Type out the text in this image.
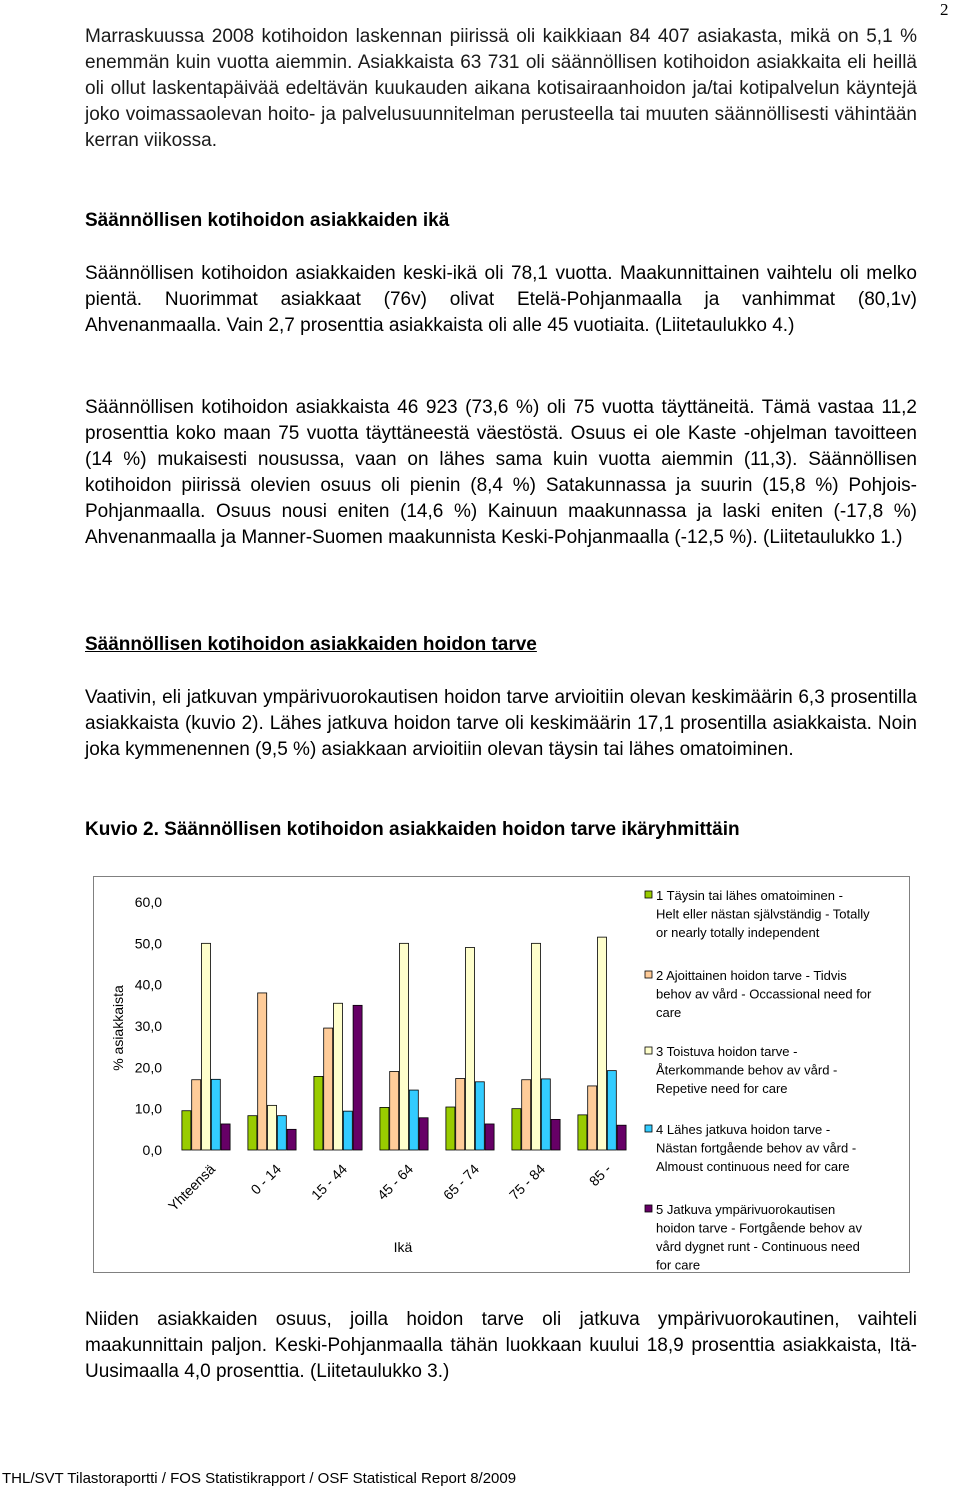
2

Marraskuussa 2008 kotihoidon laskennan piirissä oli kaikkiaan 84 407 asiakasta, mikä on 5,1 % enemmän kuin vuotta aiemmin. Asiakkaista 63 731 oli säännöllisen kotihoidon asiakkaita eli heillä oli ollut laskentapäivää edeltävän kuukauden aikana kotisairaanhoidon ja/tai kotipalvelun käyntejä joko voimassaolevan hoito- ja palvelusuunnitelman perusteella tai muuten säännöllisesti vähintään kerran viikossa.

Säännöllisen kotihoidon asiakkaiden ikä

Säännöllisen kotihoidon asiakkaiden keski-ikä oli 78,1 vuotta. Maakunnittainen vaihtelu oli melko pientä. Nuorimmat asiakkaat (76v) olivat Etelä-Pohjanmaalla ja vanhimmat (80,1v) Ahvenanmaalla. Vain 2,7 prosenttia asiakkaista oli alle 45 vuotiaita. (Liitetaulukko 4.)

Säännöllisen kotihoidon asiakkaista 46 923 (73,6 %) oli 75 vuotta täyttäneitä. Tämä vastaa 11,2 prosenttia koko maan 75 vuotta täyttäneestä väestöstä. Osuus ei ole Kaste -ohjelman tavoitteen (14 %) mukaisesti nousussa, vaan on lähes sama kuin vuotta aiemmin (11,3). Säännöllisen kotihoidon piirissä olevien osuus oli pienin (8,4 %) Satakunnassa ja suurin (15,8 %) Pohjois-Pohjanmaalla. Osuus nousi eniten (14,6 %) Kainuun maakunnassa ja laski eniten (-17,8 %) Ahvenanmaalla ja Manner-Suomen maakunnista Keski-Pohjanmaalla (-12,5 %). (Liitetaulukko 1.)

Säännöllisen kotihoidon asiakkaiden hoidon tarve

Vaativin, eli jatkuvan ympärivuorokautisen hoidon tarve arvioitiin olevan keskimäärin 6,3 prosentilla asiakkaista (kuvio 2). Lähes jatkuva hoidon tarve oli keskimäärin 17,1 prosentilla asiakkaista. Noin joka kymmenennen (9,5 %) asiakkaan arvioitiin olevan täysin tai lähes omatoiminen.

Kuvio 2. Säännöllisen kotihoidon asiakkaiden hoidon tarve ikäryhmittäin

0,0
10,0
20,0
30,0
40,0
50,0
60,0
% asiakkaista
Yhteensä 0 - 14 15 - 44 45 - 64 65 - 74 75 - 84	85 -
Ikä
1 Täysin tai lähes omatoiminen -
Helt eller nästan självständig - Totally
or nearly totally independent
2 Ajoittainen hoidon tarve - Tidvis
behov av vård - Occassional need for
care
3 Toistuva hoidon tarve -
Återkommande behov av vård -
Repetive need for care
4 Lähes jatkuva hoidon tarve -
Nästan fortgående behov av vård -
Almoust continuous need for care
5 Jatkuva ympärivuorokautisen
hoidon tarve - Fortgående behov av
vård dygnet runt - Continuous need
for care

Niiden asiakkaiden osuus, joilla hoidon tarve oli jatkuva ympärivuorokautinen, vaihteli maakunnittain paljon. Keski-Pohjanmaalla tähän luokkaan kuului 18,9 prosenttia asiakkaista, Itä-Uusimaalla 4,0 prosenttia. (Liitetaulukko 3.)

THL/SVT Tilastoraportti / FOS Statistikrapport / OSF Statistical Report 8/2009
